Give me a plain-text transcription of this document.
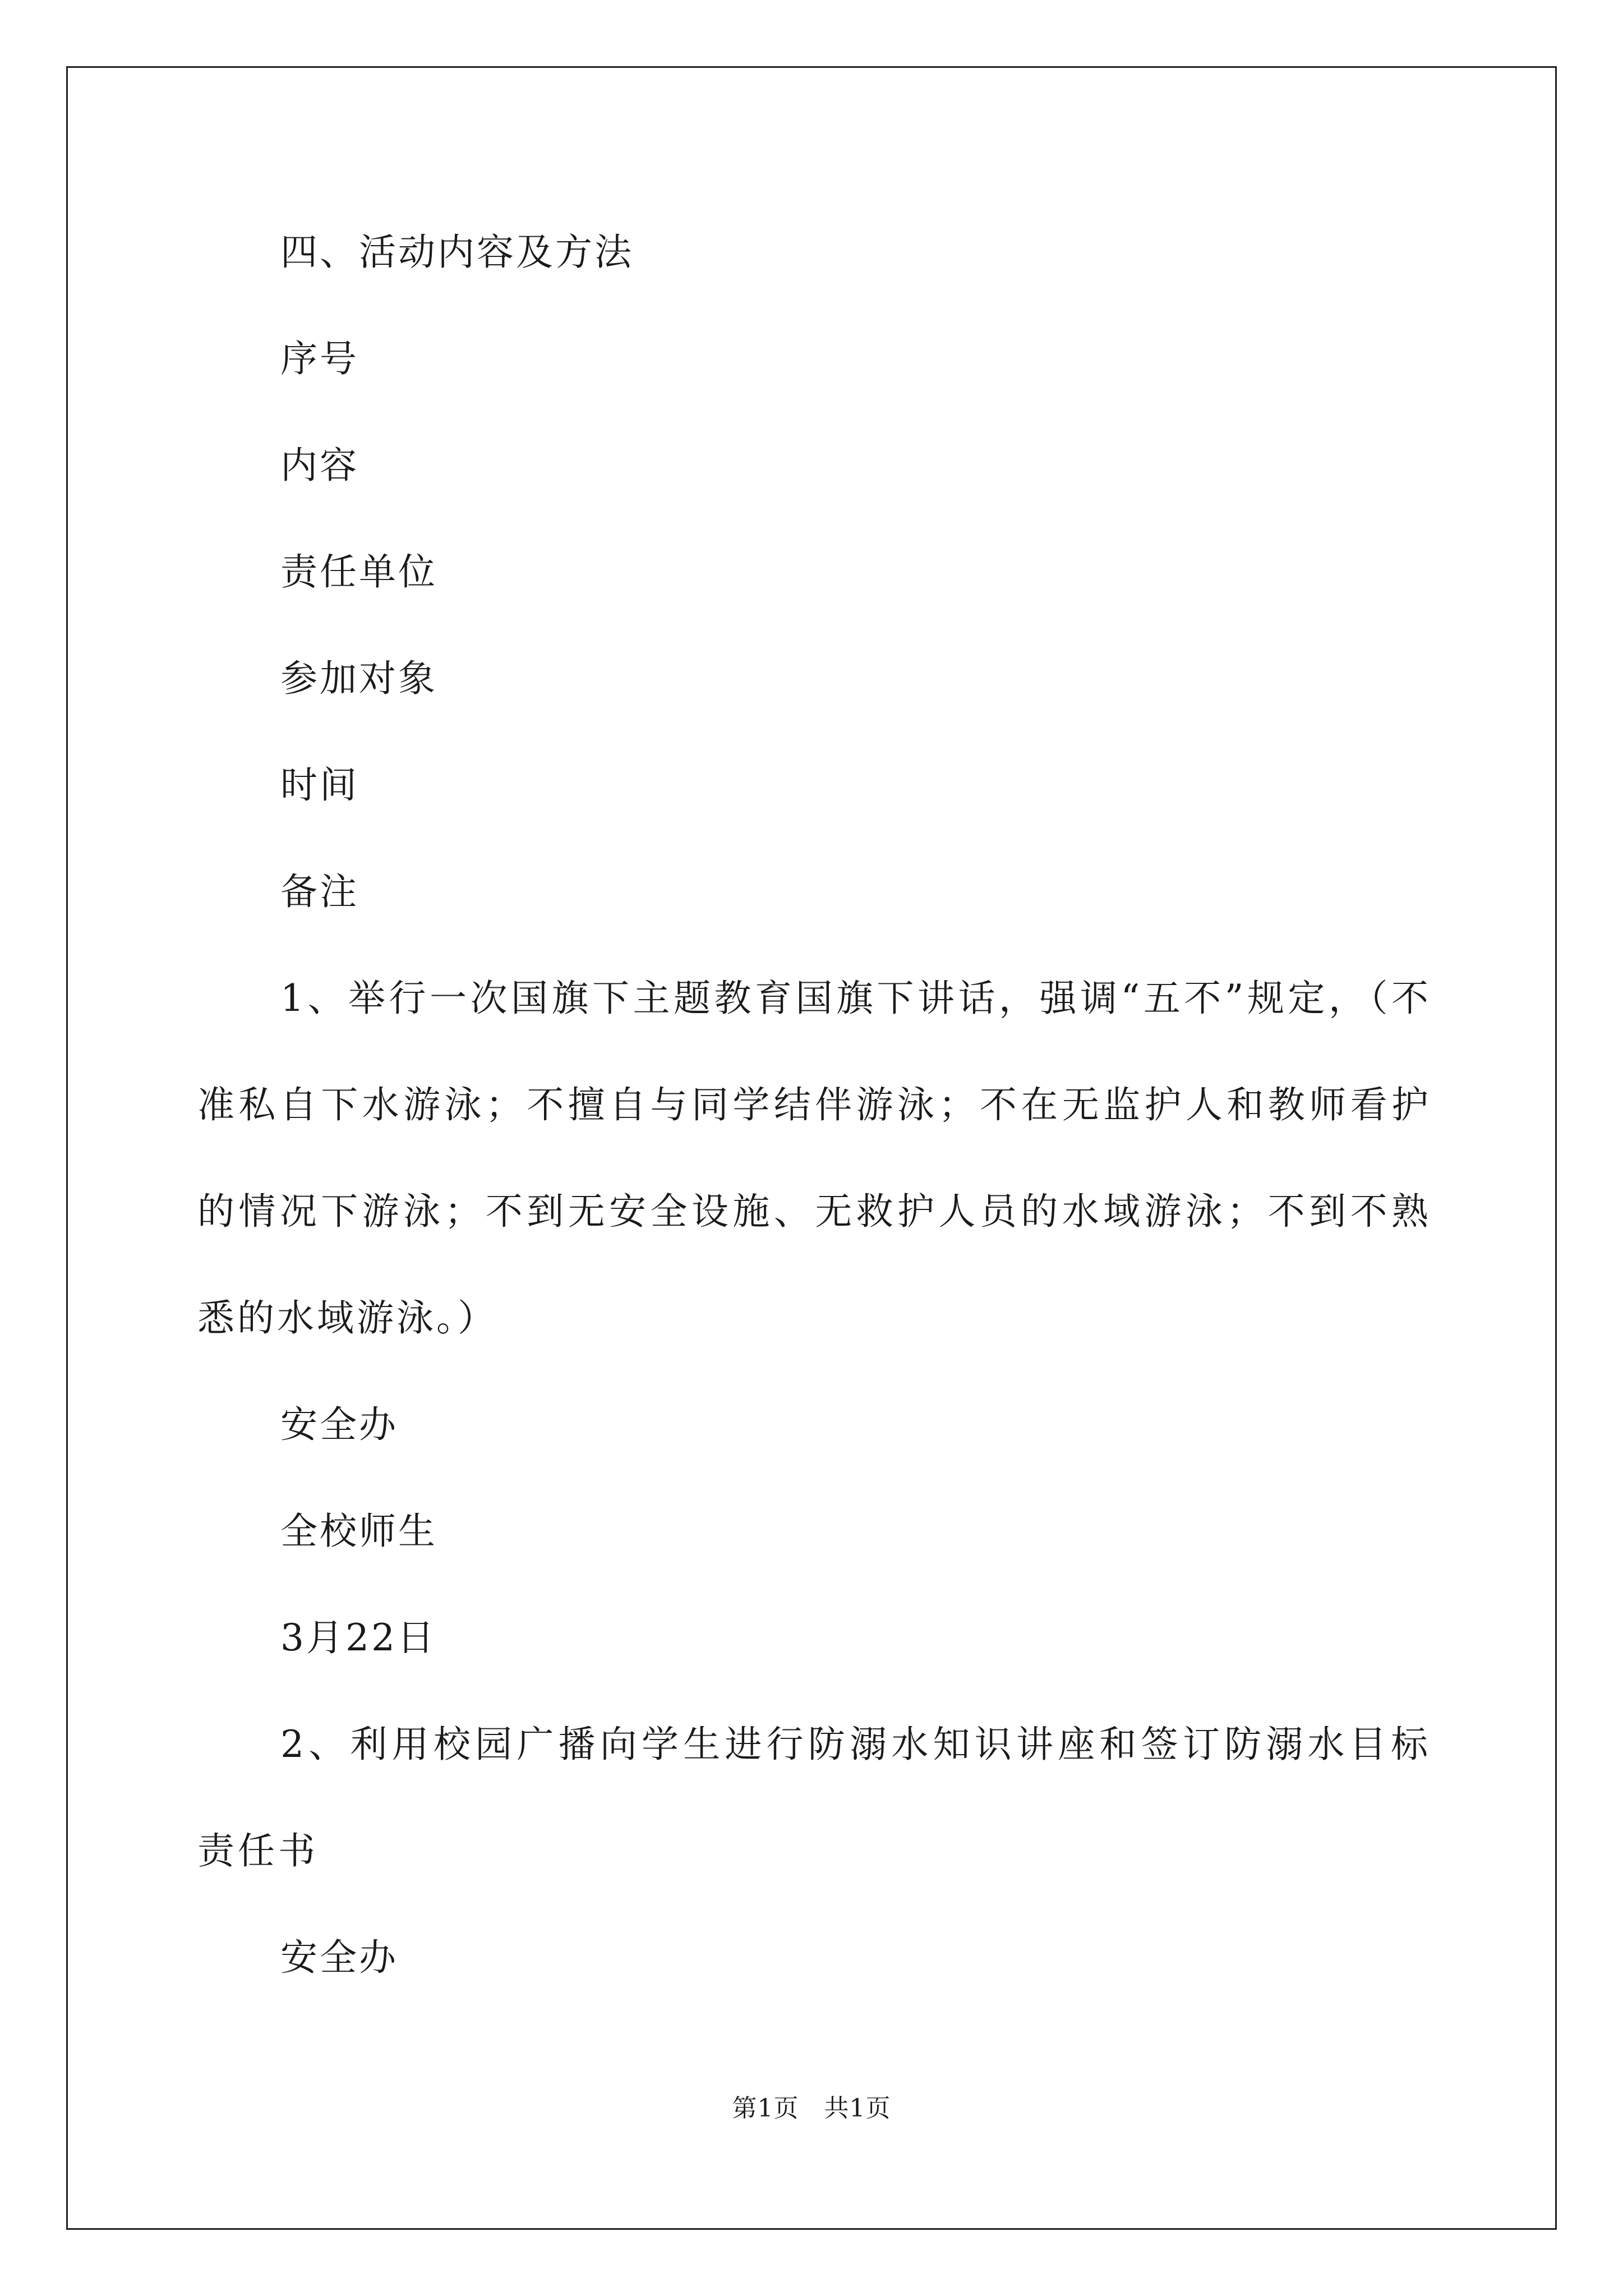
四、活动内容及方法
序号
内容
责任单位
参加对象
时间
备注
1、举行一次国旗下主题教育国旗下讲话，强调“五不”规定，（不准私自下水游泳；不擅自与同学结伴游泳；不在无监护人和教师看护的情况下游泳；不到无安全设施、无救护人员的水域游泳；不到不熟悉的水域游泳。）
安全办
全校师生
3月22日
2、利用校园广播向学生进行防溺水知识讲座和签订防溺水目标责任书
安全办
第1页   共1页
